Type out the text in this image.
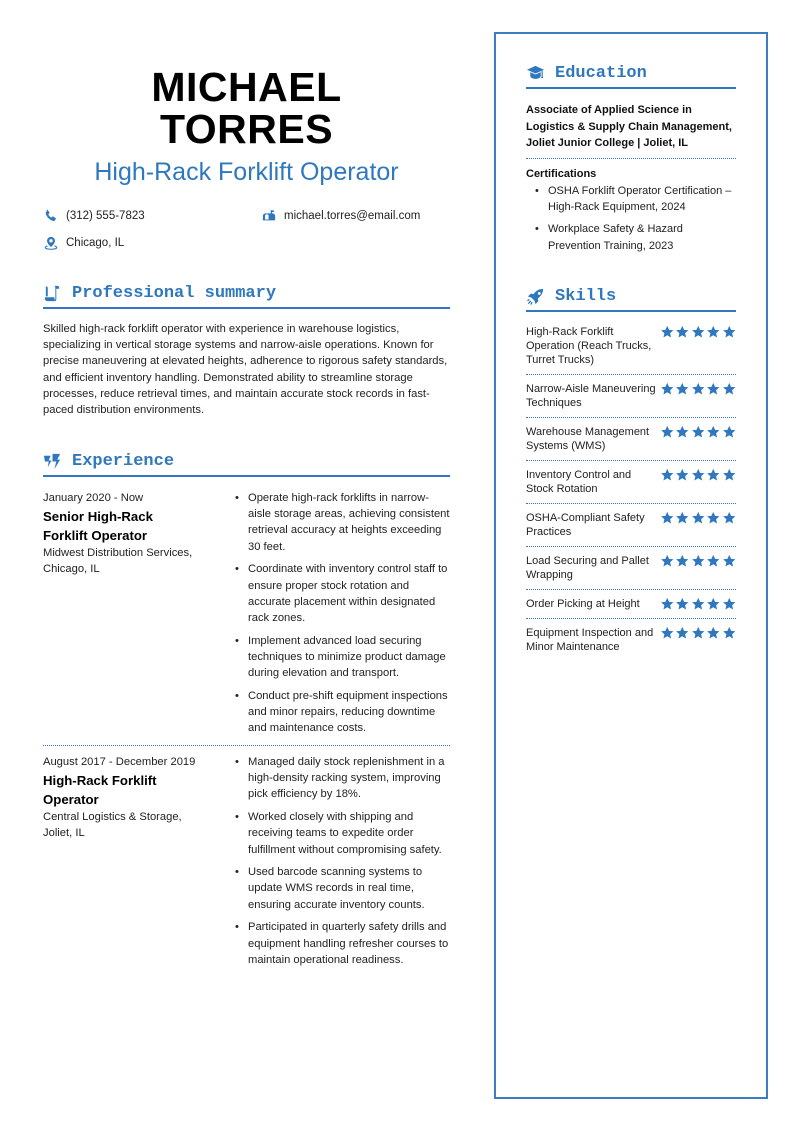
MICHAEL
TORRES
High-Rack Forklift Operator
(312) 555-7823	michael.torres@email.com
Chicago, IL
Professional summary
Skilled high-rack forklift operator with experience in warehouse logistics, specializing in vertical storage systems and narrow-aisle operations. Known for precise maneuvering at elevated heights, adherence to rigorous safety standards, and efficient inventory handling. Demonstrated ability to streamline storage processes, reduce retrieval times, and maintain accurate stock records in fast-paced distribution environments.
Experience
January 2020 - Now
Senior High-Rack
Forklift Operator
Midwest Distribution Services,
Chicago, IL
• Operate high-rack forklifts in narrow-aisle storage areas, achieving consistent retrieval accuracy at heights exceeding 30 feet.
• Coordinate with inventory control staff to ensure proper stock rotation and accurate placement within designated rack zones.
• Implement advanced load securing techniques to minimize product damage during elevation and transport.
• Conduct pre-shift equipment inspections and minor repairs, reducing downtime and maintenance costs.
August 2017 - December 2019
High-Rack Forklift
Operator
Central Logistics & Storage,
Joliet, IL
• Managed daily stock replenishment in a high-density racking system, improving pick efficiency by 18%.
• Worked closely with shipping and receiving teams to expedite order fulfillment without compromising safety.
• Used barcode scanning systems to update WMS records in real time, ensuring accurate inventory counts.
• Participated in quarterly safety drills and equipment handling refresher courses to maintain operational readiness.
Education
Associate of Applied Science in
Logistics & Supply Chain Management,
Joliet Junior College | Joliet, IL
Certifications
• OSHA Forklift Operator Certification – High-Rack Equipment, 2024
• Workplace Safety & Hazard Prevention Training, 2023
Skills
High-Rack Forklift Operation (Reach Trucks, Turret Trucks)
Narrow-Aisle Maneuvering Techniques
Warehouse Management Systems (WMS)
Inventory Control and Stock Rotation
OSHA-Compliant Safety Practices
Load Securing and Pallet Wrapping
Order Picking at Height
Equipment Inspection and Minor Maintenance
